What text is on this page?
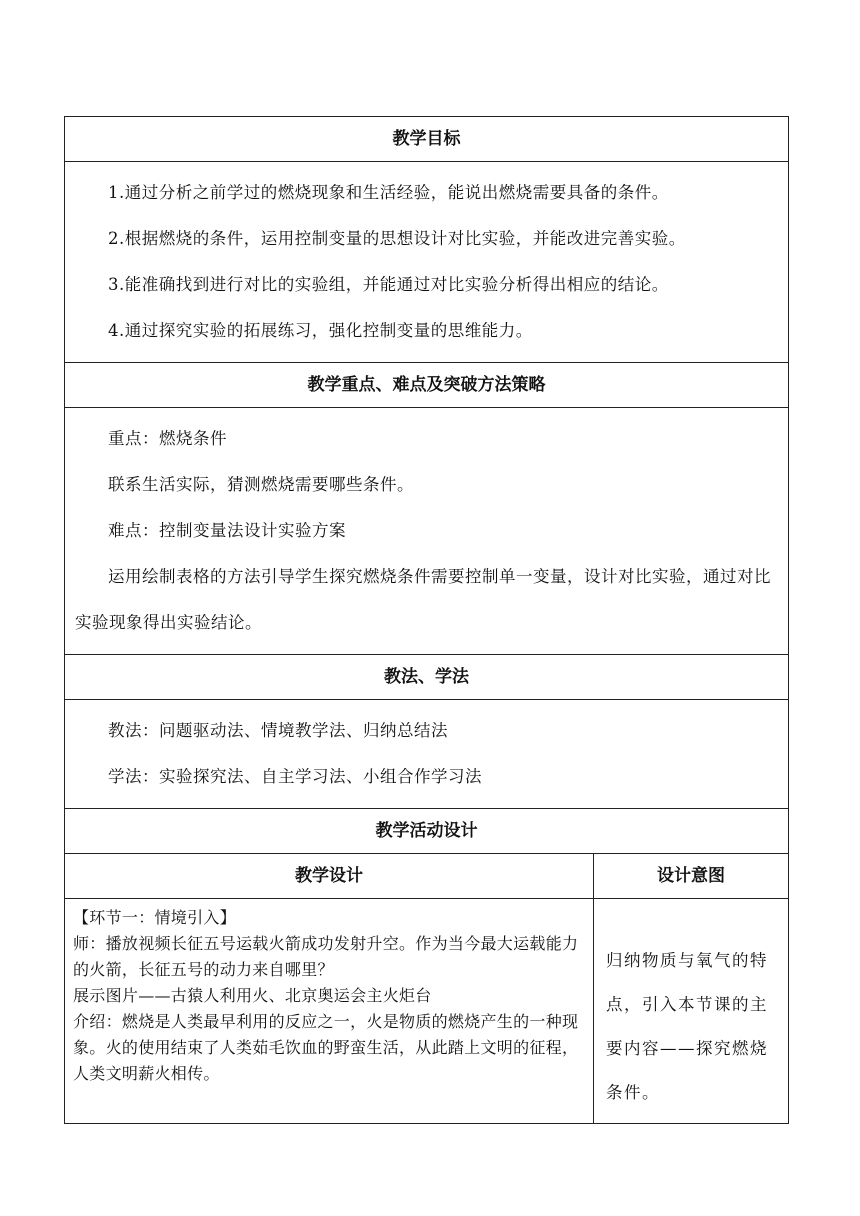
教学目标	

1.通过分析之前学过的燃烧现象和生活经验，能说出燃烧需要具备的条件。

2.根据燃烧的条件，运用控制变量的思想设计对比实验，并能改进完善实验。

3.能准确找到进行对比的实验组，并能通过对比实验分析得出相应的结论。

4.通过探究实验的拓展练习，强化控制变量的思维能力。	

教学重点、难点及突破方法策略	

重点：燃烧条件

联系生活实际，猜测燃烧需要哪些条件。

难点：控制变量法设计实验方案

运用绘制表格的方法引导学生探究燃烧条件需要控制单一变量，设计对比实验，通过对比实验现象得出实验结论。	

教法、学法	

教法：问题驱动法、情境教学法、归纳总结法

学法：实验探究法、自主学习法、小组合作学习法	

教学活动设计	
教学设计	设计意图

【环节一：情境引入】

师：播放视频长征五号运载火箭成功发射升空。作为当今最大运载能力的火箭，长征五号的动力来自哪里？

展示图片——古猿人利用火、北京奥运会主火炬台

介绍：燃烧是人类最早利用的反应之一，火是物质的燃烧产生的一种现象。火的使用结束了人类茹毛饮血的野蛮生活，从此踏上文明的征程，人类文明薪火相传。	归纳物质与氧气的特点，引入本节课的主要内容——探究燃烧条件。
